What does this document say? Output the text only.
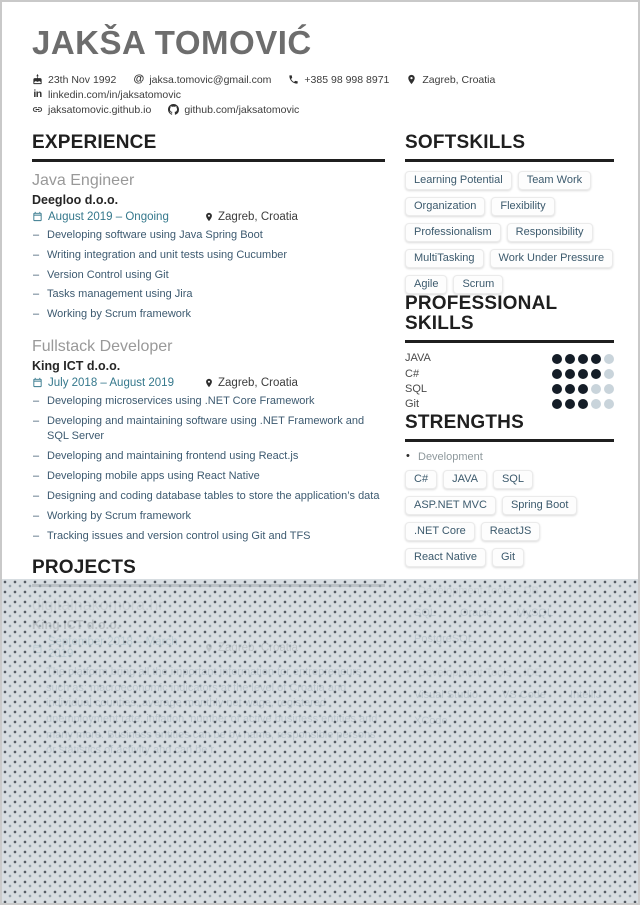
JAKŠA TOMOVIĆ
23th Nov 1992 @ jaksa.tomovic@gmail.com	+385 98 998 8971	Zagreb, Croatia
in linkedin.com/in/jaksatomovic
jaksatomovic.github.io	github.com/jaksatomovic
EXPERIENCE
Java Engineer
Deegloo d.o.o.
August 2019 – Ongoing	Zagreb, Croatia
– Developing software using Java Spring Boot
– Writing integration and unit tests using Cucumber
– Version Control using Git
– Tasks management using Jira
– Working by Scrum framework
Fullstack Developer
King ICT d.o.o.
July 2018 – August 2019	Zagreb, Croatia
– Developing microservices using .NET Core Framework
– Developing and maintaining software using .NET Framework and SQL Server
– Developing and maintaining frontend using React.js
– Developing mobile apps using React Native
– Designing and coding database tables to store the application’s data
– Working by Scrum framework
– Tracking issues and version control using Git and TFS
PROJECTS
•
SOFTSKILLS
Learning Potential	Team Work
Organization	Flexibility
Professionalism	Responsibility
MultiTasking	Work Under Pressure
Agile	Scrum
PROFESSIONAL SKILLS
JAVA
C#
SQL
Git
STRENGTHS
• Development
C#	JAVA	SQL
ASP.NET MVC	Spring Boot
.NET Core	ReactJS
React Native	Git
•
•
